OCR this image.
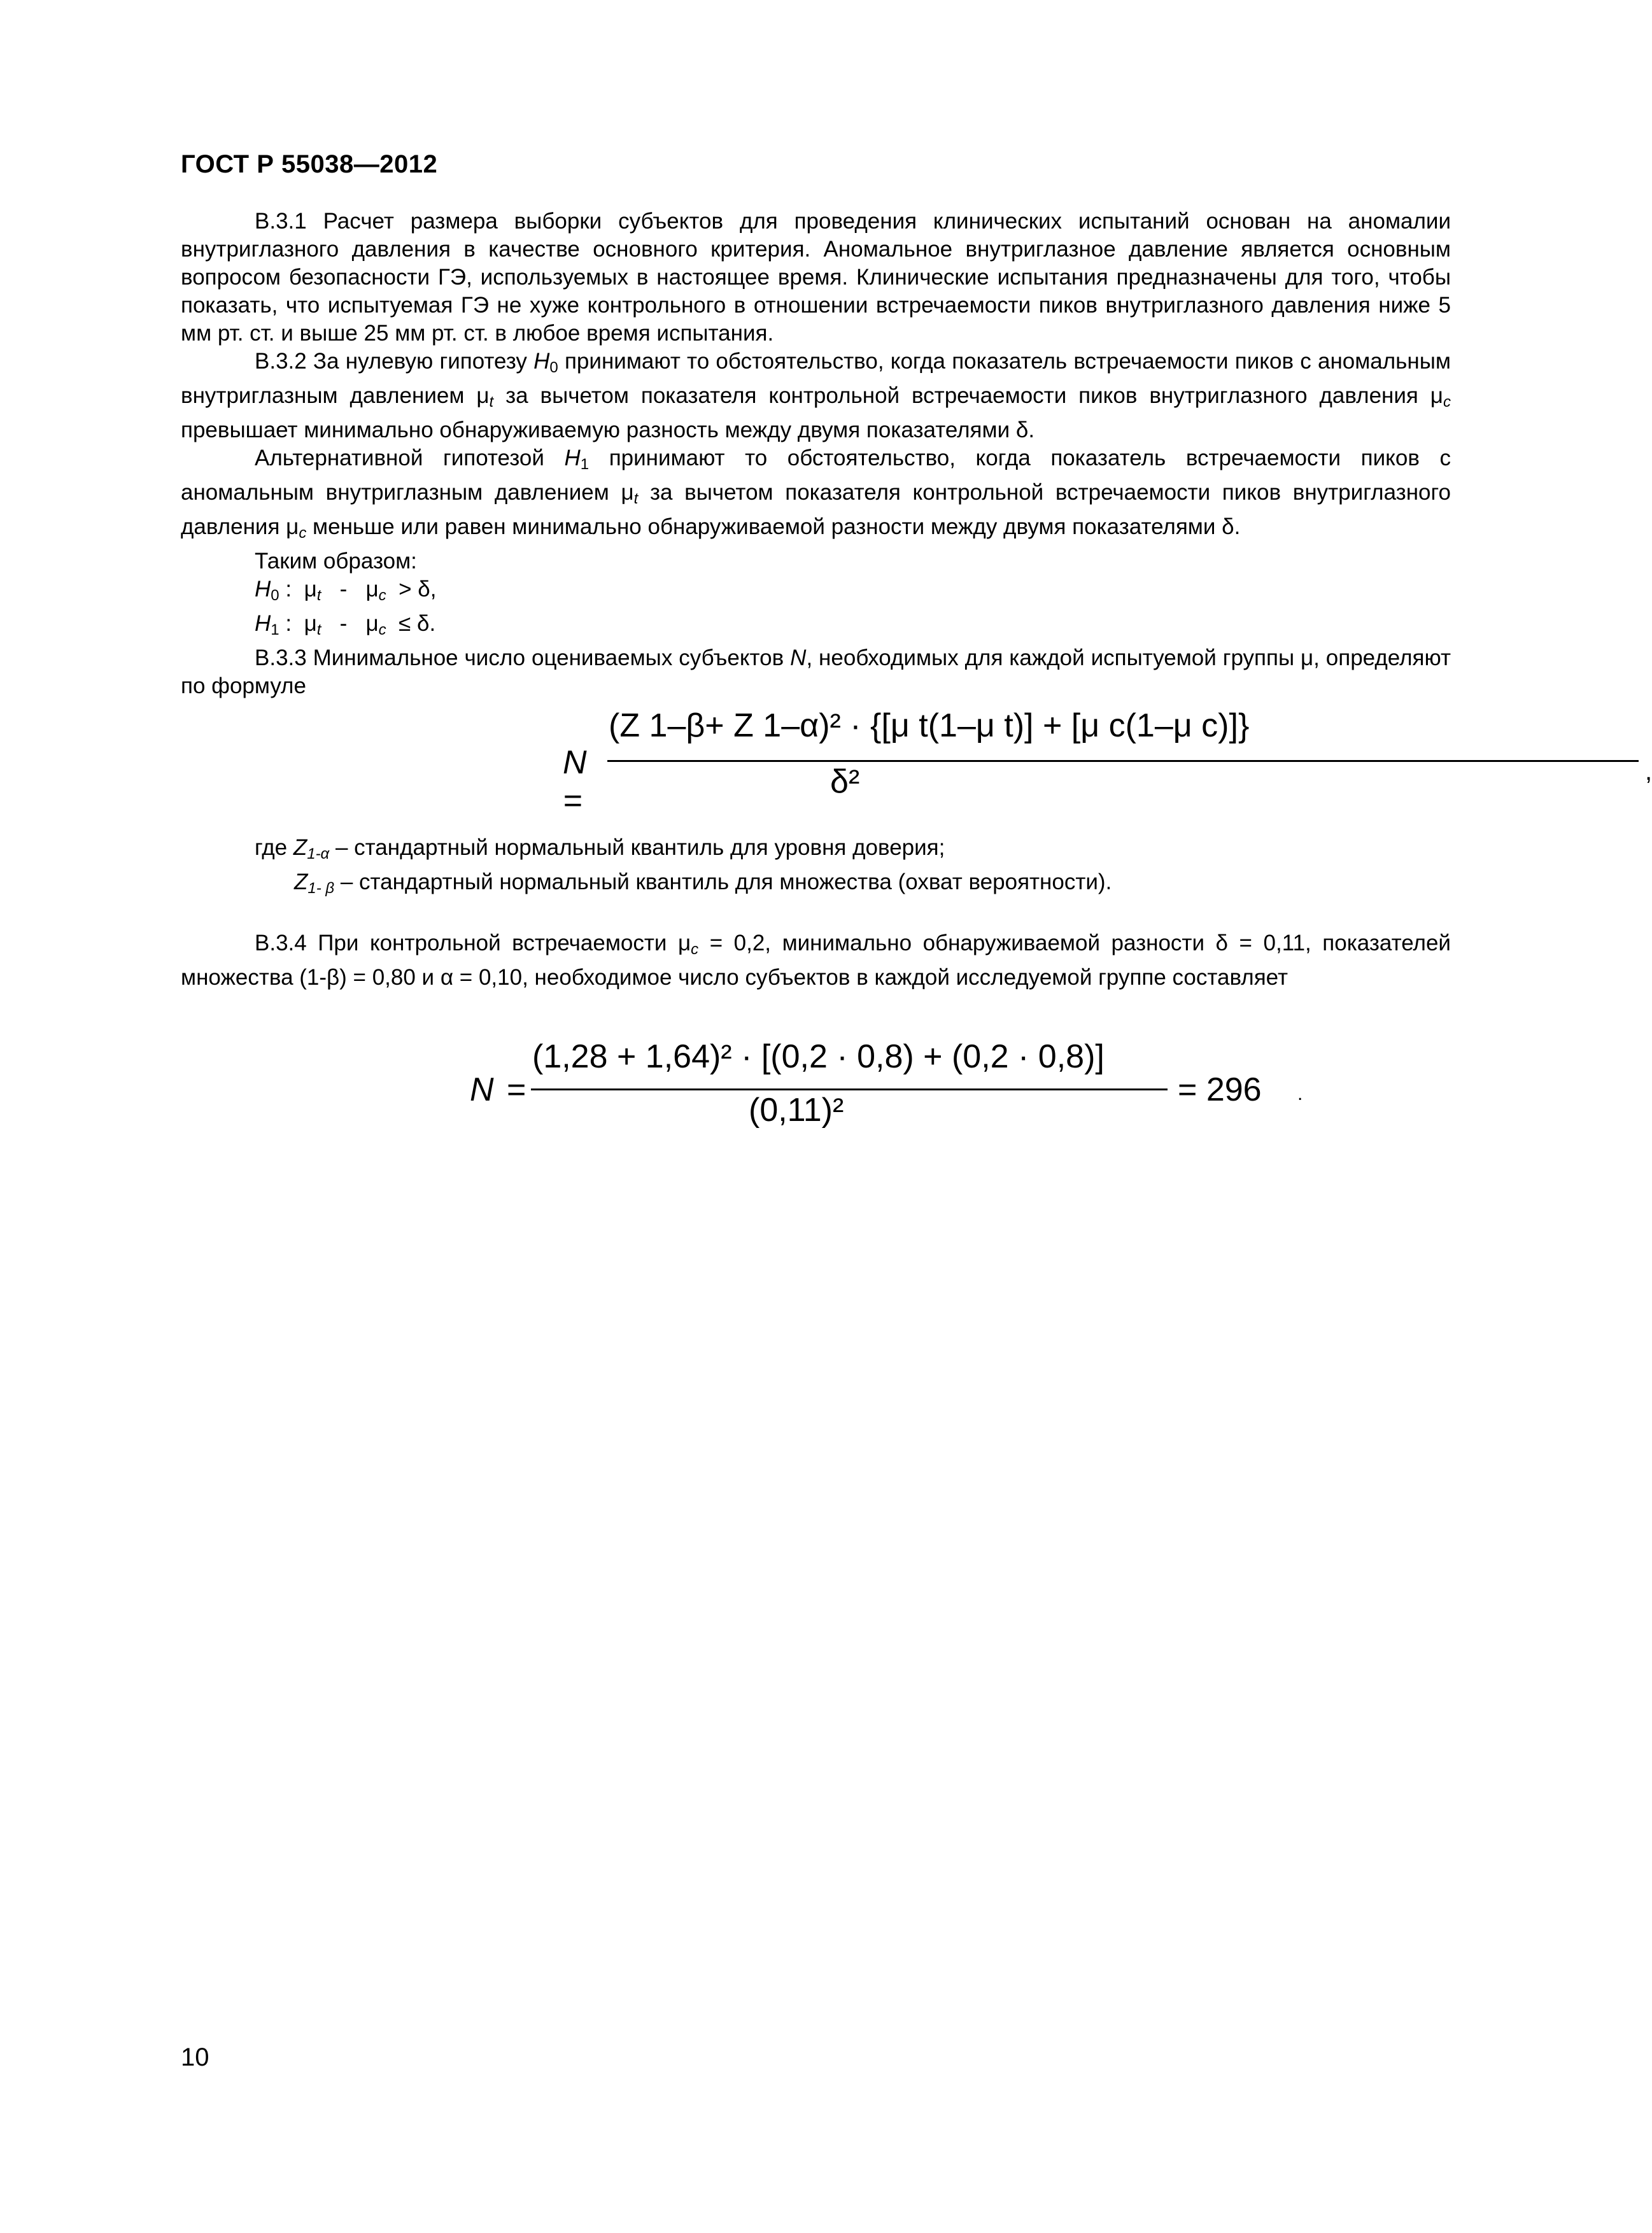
ГОСТ Р 55038—2012

В.3.1 Расчет размера выборки субъектов для проведения клинических испытаний основан на аномалии внутриглазного давления в качестве основного критерия. Аномальное внутриглазное давление является основным вопросом безопасности ГЭ, используемых в настоящее время. Клинические испытания предназначены для того, чтобы показать, что испытуемая ГЭ не хуже контрольного в отношении встречаемости пиков внутриглазного давления ниже 5 мм рт. ст. и выше 25 мм рт. ст. в любое время испытания.

В.3.2 За нулевую гипотезу H0 принимают то обстоятельство, когда показатель встречаемости пиков с аномальным внутриглазным давлением $\mu_t$ за вычетом показателя контрольной встречаемости пиков внутриглазного давления $\mu_c$ превышает минимально обнаруживаемую разность между двумя показателями δ.

Альтернативной гипотезой H1 принимают то обстоятельство, когда показатель встречаемости пиков с аномальным внутриглазным давлением $\mu_t$ за вычетом показателя контрольной встречаемости пиков внутриглазного давления $\mu_c$ меньше или равен минимально обнаруживаемой разности между двумя показателями δ.

Таким образом:

H0 : μt - μc > δ,

H1 : μt - μc ≤ δ.

В.3.3 Минимальное число оцениваемых субъектов N, необходимых для каждой испытуемой группы μ, определяют по формуле

N =
(Z 1–β+ Z 1–α)² · {[μ t(1–μ t)] + [μ c(1–μ c)]}
δ²	,
где $Z_{1-\alpha}$ – стандартный нормальный квантиль для уровня доверия;
$Z_{1- \beta}$ – стандартный нормальный квантиль для множества (охват вероятности).

В.3.4 При контрольной встречаемости $\mu_c = 0,2$, минимально обнаруживаемой разности δ = 0,11, показателей множества (1-β) = 0,80 и α = 0,10, необходимое число субъектов в каждой исследуемой группе составляет

N =
(1,28 + 1,64)² · [(0,2 · 0,8) + (0,2 · 0,8)]
(0,11)²
= 296 .
10
